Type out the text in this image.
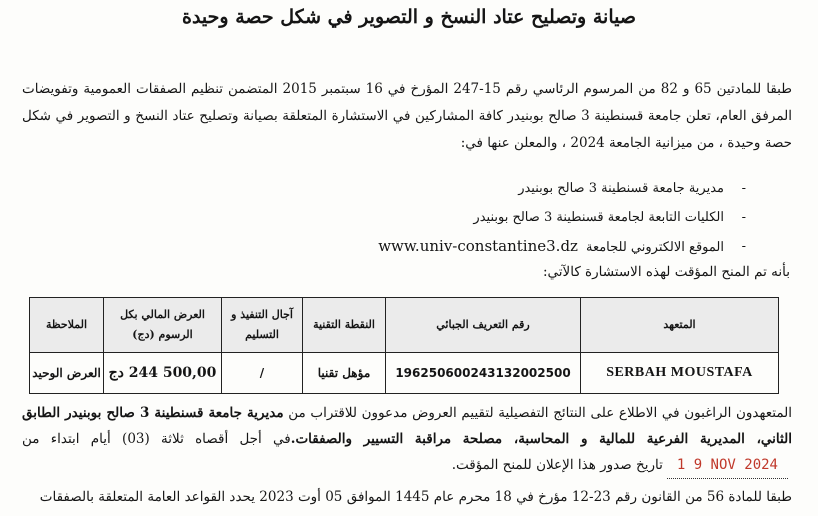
صيانة وتصليح عتاد النسخ و التصوير في شكل حصة وحيدة
طبقا للمادتين 65 و 82 من المرسوم الرئاسي رقم 15-247 المؤرخ في 16 سبتمبر 2015 المتضمن تنظيم الصفقات العمومية وتفويضات المرفق العام، تعلن جامعة قسنطينة 3 صالح بوبنيدر كافة المشاركين في الاستشارة المتعلقة بصيانة وتصليح عتاد النسخ و التصوير في شكل حصة وحيدة ، من ميزانية الجامعة 2024 ، والمعلن عنها في:
- مديرية جامعة قسنطينة 3 صالح بوبنيدر
- الكليات التابعة لجامعة قسنطينة 3 صالح بوبنيدر
- الموقع الالكتروني للجامعةwww.univ-constantine3.dz
بأنه تم المنح المؤقت لهذه الاستشارة كالآتي:
المتعهد	رقم التعريف الجبائي	النقطة التقنية	آجال التنفيذ و التسليم	العرض المالي بكل الرسوم (دج)	الملاحظة
SERBAH MOUSTAFA	196250600243132002500	مؤهل تقنيا	/	500,00 244 دج	العرض الوحيد
المتعهدون الراغبون في الاطلاع على النتائج التفصيلية لتقييم العروض مدعوون للاقتراب من مديرية جامعة قسنطينة 3 صالح بوبنيدر الطابق الثاني، المديرية الفرعية للمالية و المحاسبة، مصلحة مراقبة التسيير والصفقات.في أجل أقصاه ثلاثة (03) أيام ابتداء من1 9 NOV 2024تاريخ صدور هذا الإعلان للمنح المؤقت.
طبقا للمادة 56 من القانون رقم 23-12 مؤرخ في 18 محرم عام 1445 الموافق 05 أوت 2023 يحدد القواعد العامة المتعلقة بالصفقات
